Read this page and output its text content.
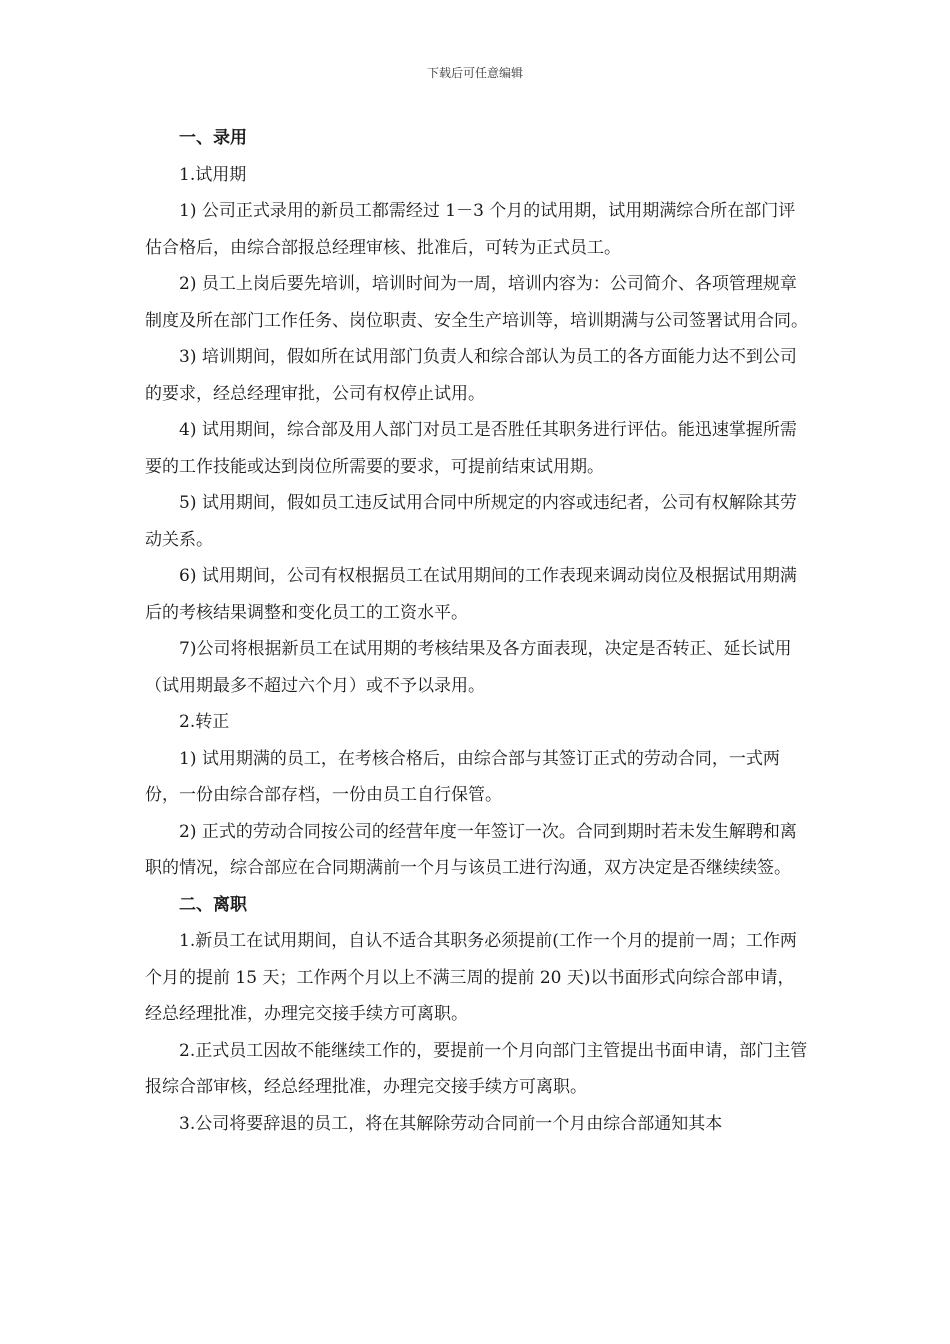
下载后可任意编辑

一、录用

1.试用期

1) 公司正式录用的新员工都需经过 1－3 个月的试用期，试用期满综合所在部门评估合格后，由综合部报总经理审核、批准后，可转为正式员工。

2) 员工上岗后要先培训，培训时间为一周，培训内容为：公司简介、各项管理规章制度及所在部门工作任务、岗位职责、安全生产培训等，培训期满与公司签署试用合同。

3) 培训期间，假如所在试用部门负责人和综合部认为员工的各方面能力达不到公司的要求，经总经理审批，公司有权停止试用。

4) 试用期间，综合部及用人部门对员工是否胜任其职务进行评估。能迅速掌握所需要的工作技能或达到岗位所需要的要求，可提前结束试用期。

5) 试用期间，假如员工违反试用合同中所规定的内容或违纪者，公司有权解除其劳动关系。

6) 试用期间，公司有权根据员工在试用期间的工作表现来调动岗位及根据试用期满后的考核结果调整和变化员工的工资水平。

7)公司将根据新员工在试用期的考核结果及各方面表现，决定是否转正、延长试用（试用期最多不超过六个月）或不予以录用。

2.转正

1) 试用期满的员工，在考核合格后，由综合部与其签订正式的劳动合同，一式两份，一份由综合部存档，一份由员工自行保管。

2) 正式的劳动合同按公司的经营年度一年签订一次。合同到期时若未发生解聘和离职的情况，综合部应在合同期满前一个月与该员工进行沟通，双方决定是否继续续签。

二、离职

1.新员工在试用期间，自认不适合其职务必须提前(工作一个月的提前一周；工作两个月的提前 15 天；工作两个月以上不满三周的提前 20 天)以书面形式向综合部申请，经总经理批准，办理完交接手续方可离职。

2.正式员工因故不能继续工作的，要提前一个月向部门主管提出书面申请，部门主管报综合部审核，经总经理批准，办理完交接手续方可离职。

3.公司将要辞退的员工，将在其解除劳动合同前一个月由综合部通知其本
